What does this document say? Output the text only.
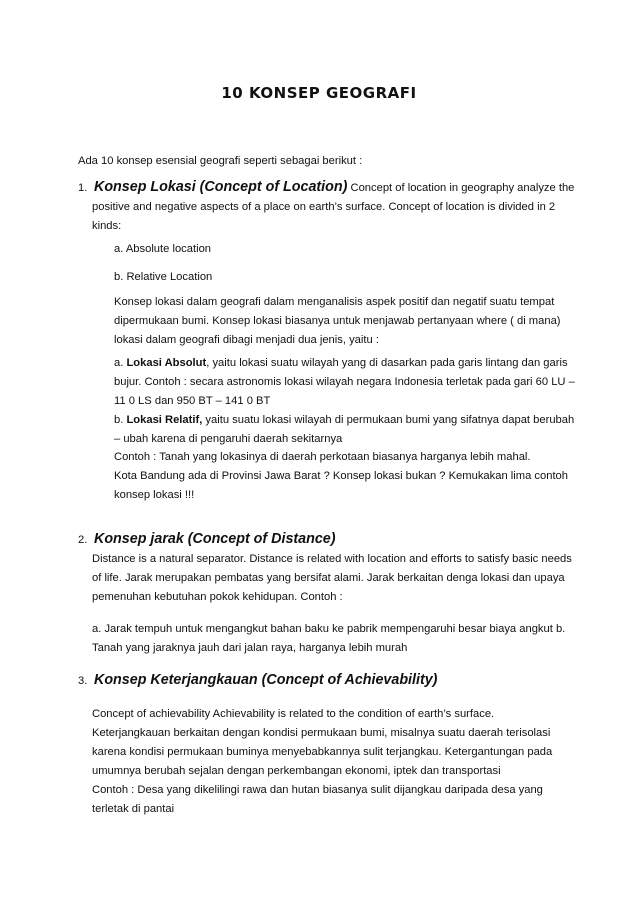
10 KONSEP GEOGRAFI
Ada 10 konsep esensial geografi seperti sebagai berikut :
1. Konsep Lokasi (Concept of Location) Concept of location in geography analyze the
positive and negative aspects of a place on earth’s surface. Concept of location is divided in 2
kinds:
a. Absolute location
b. Relative Location
Konsep lokasi dalam geografi dalam menganalisis aspek positif dan negatif suatu tempat
dipermukaan bumi. Konsep lokasi biasanya untuk menjawab pertanyaan where ( di mana)
lokasi dalam geografi dibagi menjadi dua jenis, yaitu :
a. Lokasi Absolut, yaitu lokasi suatu wilayah yang di dasarkan pada garis lintang dan garis
bujur. Contoh : secara astronomis lokasi wilayah negara Indonesia terletak pada gari 60 LU –
11 0 LS dan 950 BT – 141 0 BT
b. Lokasi Relatif, yaitu suatu lokasi wilayah di permukaan bumi yang sifatnya dapat berubah
– ubah karena di pengaruhi daerah sekitarnya
Contoh : Tanah yang lokasinya di daerah perkotaan biasanya harganya lebih mahal.
Kota Bandung ada di Provinsi Jawa Barat ? Konsep lokasi bukan ? Kemukakan lima contoh
konsep lokasi !!!
2. Konsep jarak (Concept of Distance)
Distance is a natural separator. Distance is related with location and efforts to satisfy basic needs
of life. Jarak merupakan pembatas yang bersifat alami. Jarak berkaitan denga lokasi dan upaya
pemenuhan kebutuhan pokok kehidupan. Contoh :
a. Jarak tempuh untuk mengangkut bahan baku ke pabrik mempengaruhi besar biaya angkut b.
Tanah yang jaraknya jauh dari jalan raya, harganya lebih murah
3. Konsep Keterjangkauan (Concept of Achievability)
Concept of achievability Achievability is related to the condition of earth’s surface.
Keterjangkauan berkaitan dengan kondisi permukaan bumi, misalnya suatu daerah terisolasi
karena kondisi permukaan buminya menyebabkannya sulit terjangkau. Ketergantungan pada
umumnya berubah sejalan dengan perkembangan ekonomi, iptek dan transportasi
Contoh : Desa yang dikelilingi rawa dan hutan biasanya sulit dijangkau daripada desa yang
terletak di pantai
